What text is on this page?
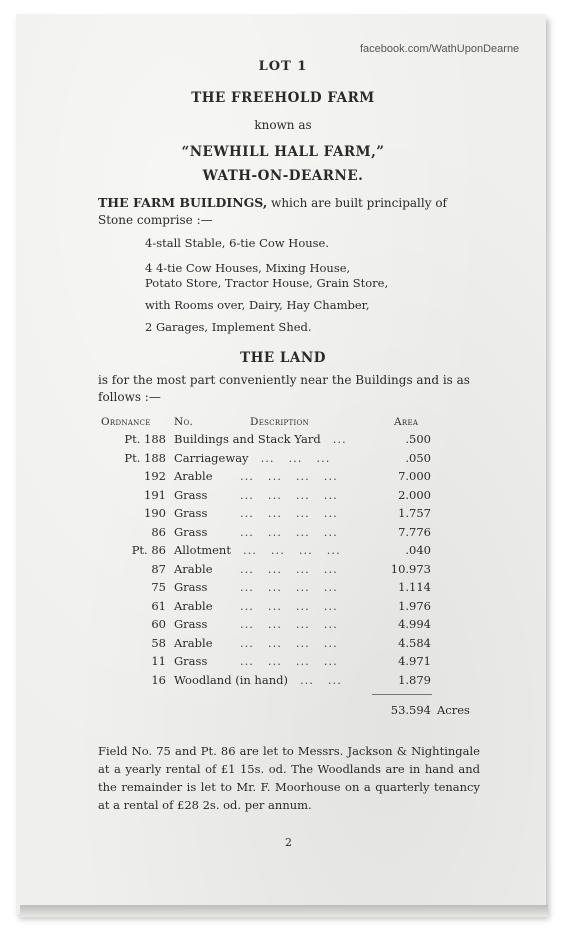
facebook.com/WathUponDearne
LOT 1
THE FREEHOLD FARM
known as
“NEWHILL HALL FARM,”
WATH-ON-DEARNE.
THE FARM BUILDINGS, which are built principally of Stone comprise :—
4-stall Stable, 6-tie Cow House.
4 4-tie Cow Houses, Mixing House,
Potato Store, Tractor House, Grain Store,
with Rooms over, Dairy, Hay Chamber,
2 Garages, Implement Shed.
THE LAND
is for the most part conveniently near the Buildings and is as follows :—
Ordnance No.	Description	Area
Pt. 188 Buildings and Stack Yard ...	.500
Pt. 188 Carriageway ...   ...   ...	.050
192 Arable ...   ...   ...   ...	7.000
191 Grass	...   ...   ...   ...	2.000
190 Grass	...   ...   ...   ...	1.757
86 Grass	...   ...   ...   ...	7.776
Pt. 86 Allotment ...   ...   ...   ...	.040
87 Arable ...   ...   ...   ...	10.973
75 Grass	...   ...   ...   ...	1.114
61 Arable ...   ...   ...   ...	1.976
60 Grass	...   ...   ...   ...	4.994
58 Arable ...   ...   ...   ...	4.584
11 Grass	...   ...   ...   ...	4.971
16 Woodland (in hand) ...   ...	1.879
53.594 Acres
Field No. 75 and Pt. 86 are let to Messrs. Jackson & Nightingale at a yearly rental of £1 15s. od. The Woodlands are in hand and the remainder is let to Mr. F. Moorhouse on a quarterly tenancy at a rental of £28 2s. od. per annum.
2
